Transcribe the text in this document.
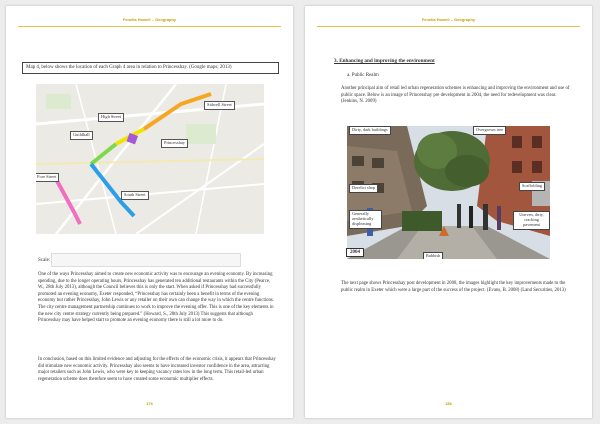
Fenella Howell – Geography
Map 4, below shows the location of each Graph 4 area in relation to Princesshay. (Google maps; 2013)
High Street
Sidwell Street
Guildhall
Princesshay
Fore Street
South Street
Scale:

One of the ways Princesshay aimed to create new economic activity was to encourage an evening economy. By increasing spending, due to the longer operating hours, Princesshay has generated ten additional restaurants within the City (Pearce, W., 28th July 2013), although the Council believes this is only the start. When asked if Princesshay had successfully promoted an evening economy, Exeter responded, “Princesshay has certainly been a benefit in terms of the evening economy but rather Princesshay, John Lewis or any retailer on their own can change the way in which the centre functions. The city centre management partnership continues to work to improve the evening offer. This is one of the key elements in the new city centre strategy currently being prepared.” (Howard, S., 28th July 2013) This suggests that although Princesshay may have helped start to promote an evening economy there is still a lot more to do.

In conclusion, based on this limited evidence and adjusting for the effects of the economic crisis, it appears that Princesshay did stimulate new economic activity. Princesshay also seems to have increased investor confidence in the area, attracting major retailers such as John Lewis, who were key to keeping vacancy rates low in the long term. This retail-led urban regeneration scheme does therefore seem to have created some economic multiplier effects.

176
Fenella Howell – Geography
3. Enhancing and improving the environment
a. Public Realm

Another principal aim of retail led urban regeneration schemes is enhancing and improving the environment and use of public space. Below is an image of Princesshay pre development in 2004, the need for redevelopment was clear. (Jenkins, N. 2009)

Dirty, dark buildings	Overgrown tree
Derelict shop	Scaffolding
Generally aesthetically displeasing
Uneven, dirty, cracking pavement
Rubbish
2004

The next page shows Princesshay post development in 2008, the images highlight the key improvements made to the public realm in Exeter which were a large part of the success of the project. (Evans, B. 2008) (Land Securities, 2013)

186
